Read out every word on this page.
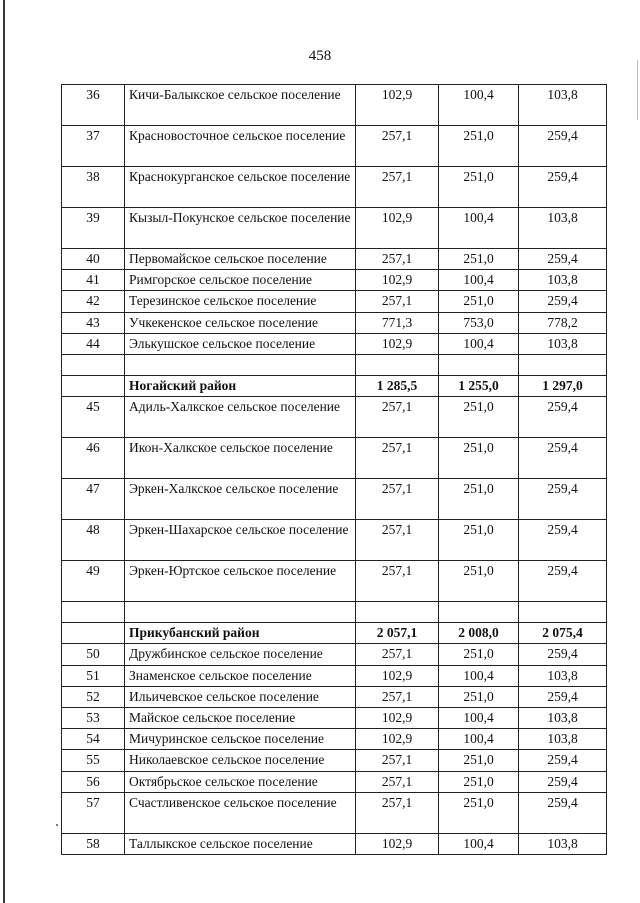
458
36	Кичи-Балыкское сельское поселение	102,9	100,4	103,8
37	Красновосточное сельское поселение	257,1	251,0	259,4
38	Краснокурганское сельское поселение	257,1	251,0	259,4
39	Кызыл-Покунское сельское поселение	102,9	100,4	103,8
40	Первомайское сельское поселение	257,1	251,0	259,4
41	Римгорское сельское поселение	102,9	100,4	103,8
42	Терезинское сельское поселение	257,1	251,0	259,4
43	Учкекенское сельское поселение	771,3	753,0	778,2
44	Элькушское сельское поселение	102,9	100,4	103,8

	Ногайский район	1 285,5	1 255,0	1 297,0
45	Адиль-Халкское сельское поселение	257,1	251,0	259,4
46	Икон-Халкское сельское поселение	257,1	251,0	259,4
47	Эркен-Халкское сельское поселение	257,1	251,0	259,4
48	Эркен-Шахарское сельское поселение	257,1	251,0	259,4
49	Эркен-Юртское сельское поселение	257,1	251,0	259,4

	Прикубанский район	2 057,1	2 008,0	2 075,4
50	Дружбинское сельское поселение	257,1	251,0	259,4
51	Знаменское сельское поселение	102,9	100,4	103,8
52	Ильичевское сельское поселение	257,1	251,0	259,4
53	Майское сельское поселение	102,9	100,4	103,8
54	Мичуринское сельское поселение	102,9	100,4	103,8
55	Николаевское сельское поселение	257,1	251,0	259,4
56	Октябрьское сельское поселение	257,1	251,0	259,4
57	Счастливенское сельское поселение	257,1	251,0	259,4
58	Таллыкское сельское поселение	102,9	100,4	103,8
